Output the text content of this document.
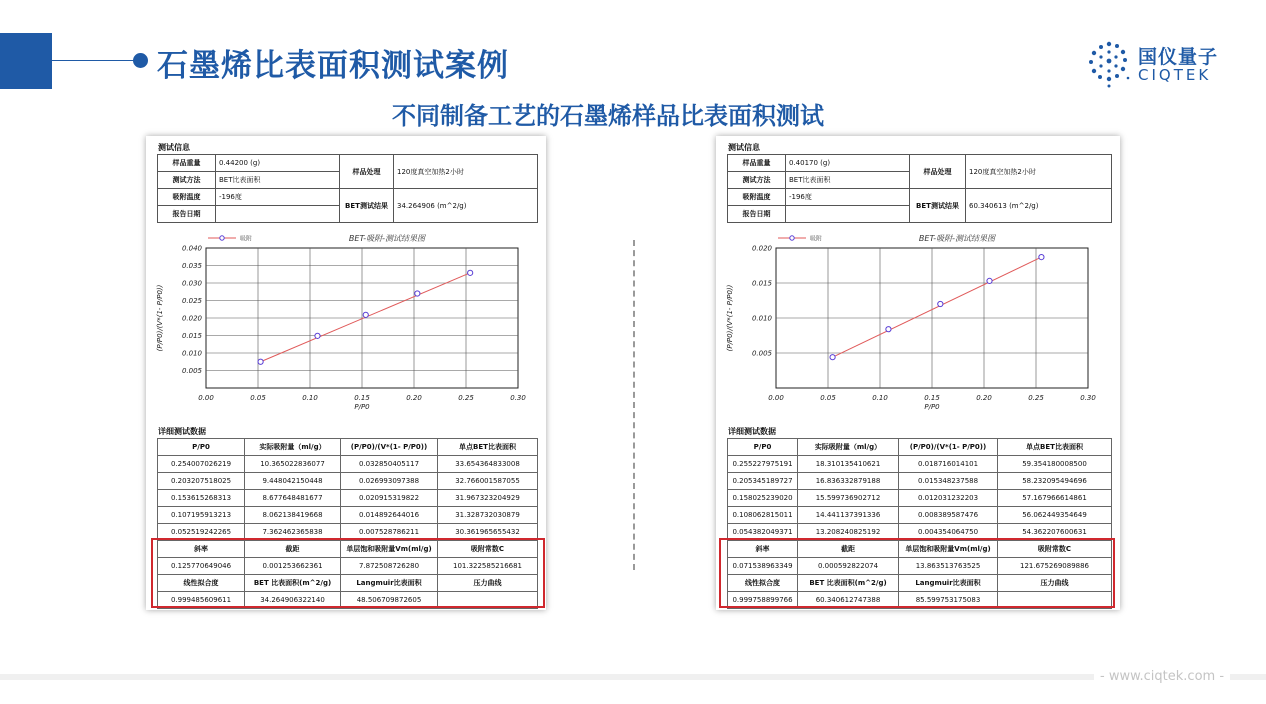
石墨烯比表面积测试案例
不同制备工艺的石墨烯样品比表面积测试
国仪量子
CIQTEK
测试信息
样品重量	0.44200 (g)	样品处理	120度真空加热2小时
测试方法	BET比表面积		
吸附温度	-196度	BET测试结果	34.264906 (m^2/g)
报告日期			
BET-吸附-测试结果图
吸附
0.00	0.05	0.10	0.15	0.20	0.25	0.30
0.005
0.010
0.015
0.020
0.025
0.030
0.035
0.040
P/P0
(P/P0)/(V*(1- P/P0))
详细测试数据
P/P0	实际吸附量（ml/g）	(P/P0)/(V*(1- P/P0))	单点BET比表面积
0.254007026219	10.365022836077	0.032850405117	33.654364833008
0.203207518025	9.448042150448	0.026993097388	32.766001587055
0.153615268313	8.677648481677	0.020915319822	31.967323204929
0.107195913213	8.062138419668	0.014892644016	31.328732030879
0.052519242265	7.362462365838	0.007528786211	30.361965655432
斜率	截距	单层饱和吸附量Vm(ml/g)	吸附常数C
0.125770649046	0.001253662361	7.872508726280	101.322585216681
线性拟合度	BET 比表面积(m^2/g)	Langmuir比表面积	压力曲线
0.999485609611	34.264906322140	48.506709872605	
测试信息
样品重量	0.40170 (g)	样品处理	120度真空加热2小时
测试方法	BET比表面积		
吸附温度	-196度	BET测试结果	60.340613 (m^2/g)
报告日期			
BET-吸附-测试结果图
吸附
0.00	0.05	0.10	0.15	0.20	0.25	0.30
0.005
0.010
0.015
0.020
P/P0
(P/P0)/(V*(1- P/P0))
详细测试数据
P/P0	实际吸附量（ml/g）	(P/P0)/(V*(1- P/P0))	单点BET比表面积
0.255227975191	18.310135410621	0.018716014101	59.354180008500
0.205345189727	16.836332879188	0.015348237588	58.232095494696
0.158025239020	15.599736902712	0.012031232203	57.167966614861
0.108062815011	14.441137391336	0.008389587476	56.062449354649
0.054382049371	13.208240825192	0.004354064750	54.362207600631
斜率	截距	单层饱和吸附量Vm(ml/g)	吸附常数C
0.071538963349	0.000592822074	13.863513763525	121.675269089886
线性拟合度	BET 比表面积(m^2/g)	Langmuir比表面积	压力曲线
0.999758899766	60.340612747388	85.599753175083	
- www.ciqtek.com -
